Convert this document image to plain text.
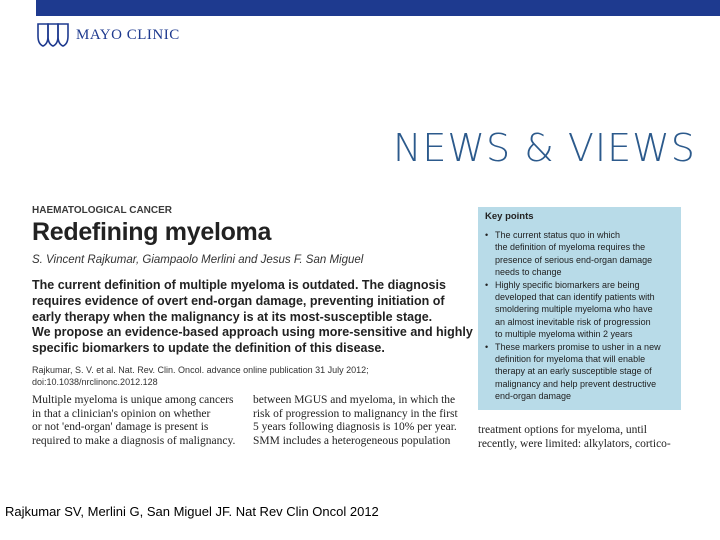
MAYO CLINIC
NEWS & VIEWS
HAEMATOLOGICAL CANCER
Redefining myeloma
S. Vincent Rajkumar, Giampaolo Merlini and Jesus F. San Miguel
The current definition of multiple myeloma is outdated. The diagnosis
requires evidence of overt end-organ damage, preventing initiation of
early therapy when the malignancy is at its most-susceptible stage.
We propose an evidence-based approach using more-sensitive and highly
specific biomarkers to update the definition of this disease.
Rajkumar, S. V. et al. Nat. Rev. Clin. Oncol. advance online publication 31 July 2012;
doi:10.1038/nrclinonc.2012.128
Multiple myeloma is unique among cancers
in that a clinician's opinion on whether
or not 'end-organ' damage is present is
required to make a diagnosis of malignancy.
between MGUS and myeloma, in which the
risk of progression to malignancy in the first
5 years following diagnosis is 10% per year.
SMM includes a heterogeneous population
treatment options for myeloma, until
recently, were limited: alkylators, cortico-
Key points
• The current status quo in which
the definition of myeloma requires the
presence of serious end-organ damage
needs to change
• Highly specific biomarkers are being
developed that can identify patients with
smoldering multiple myeloma who have
an almost inevitable risk of progression
to multiple myeloma within 2 years
• These markers promise to usher in a new
definition for myeloma that will enable
therapy at an early susceptible stage of
malignancy and help prevent destructive
end-organ damage
Rajkumar SV, Merlini G, San Miguel JF. Nat Rev Clin Oncol 2012
